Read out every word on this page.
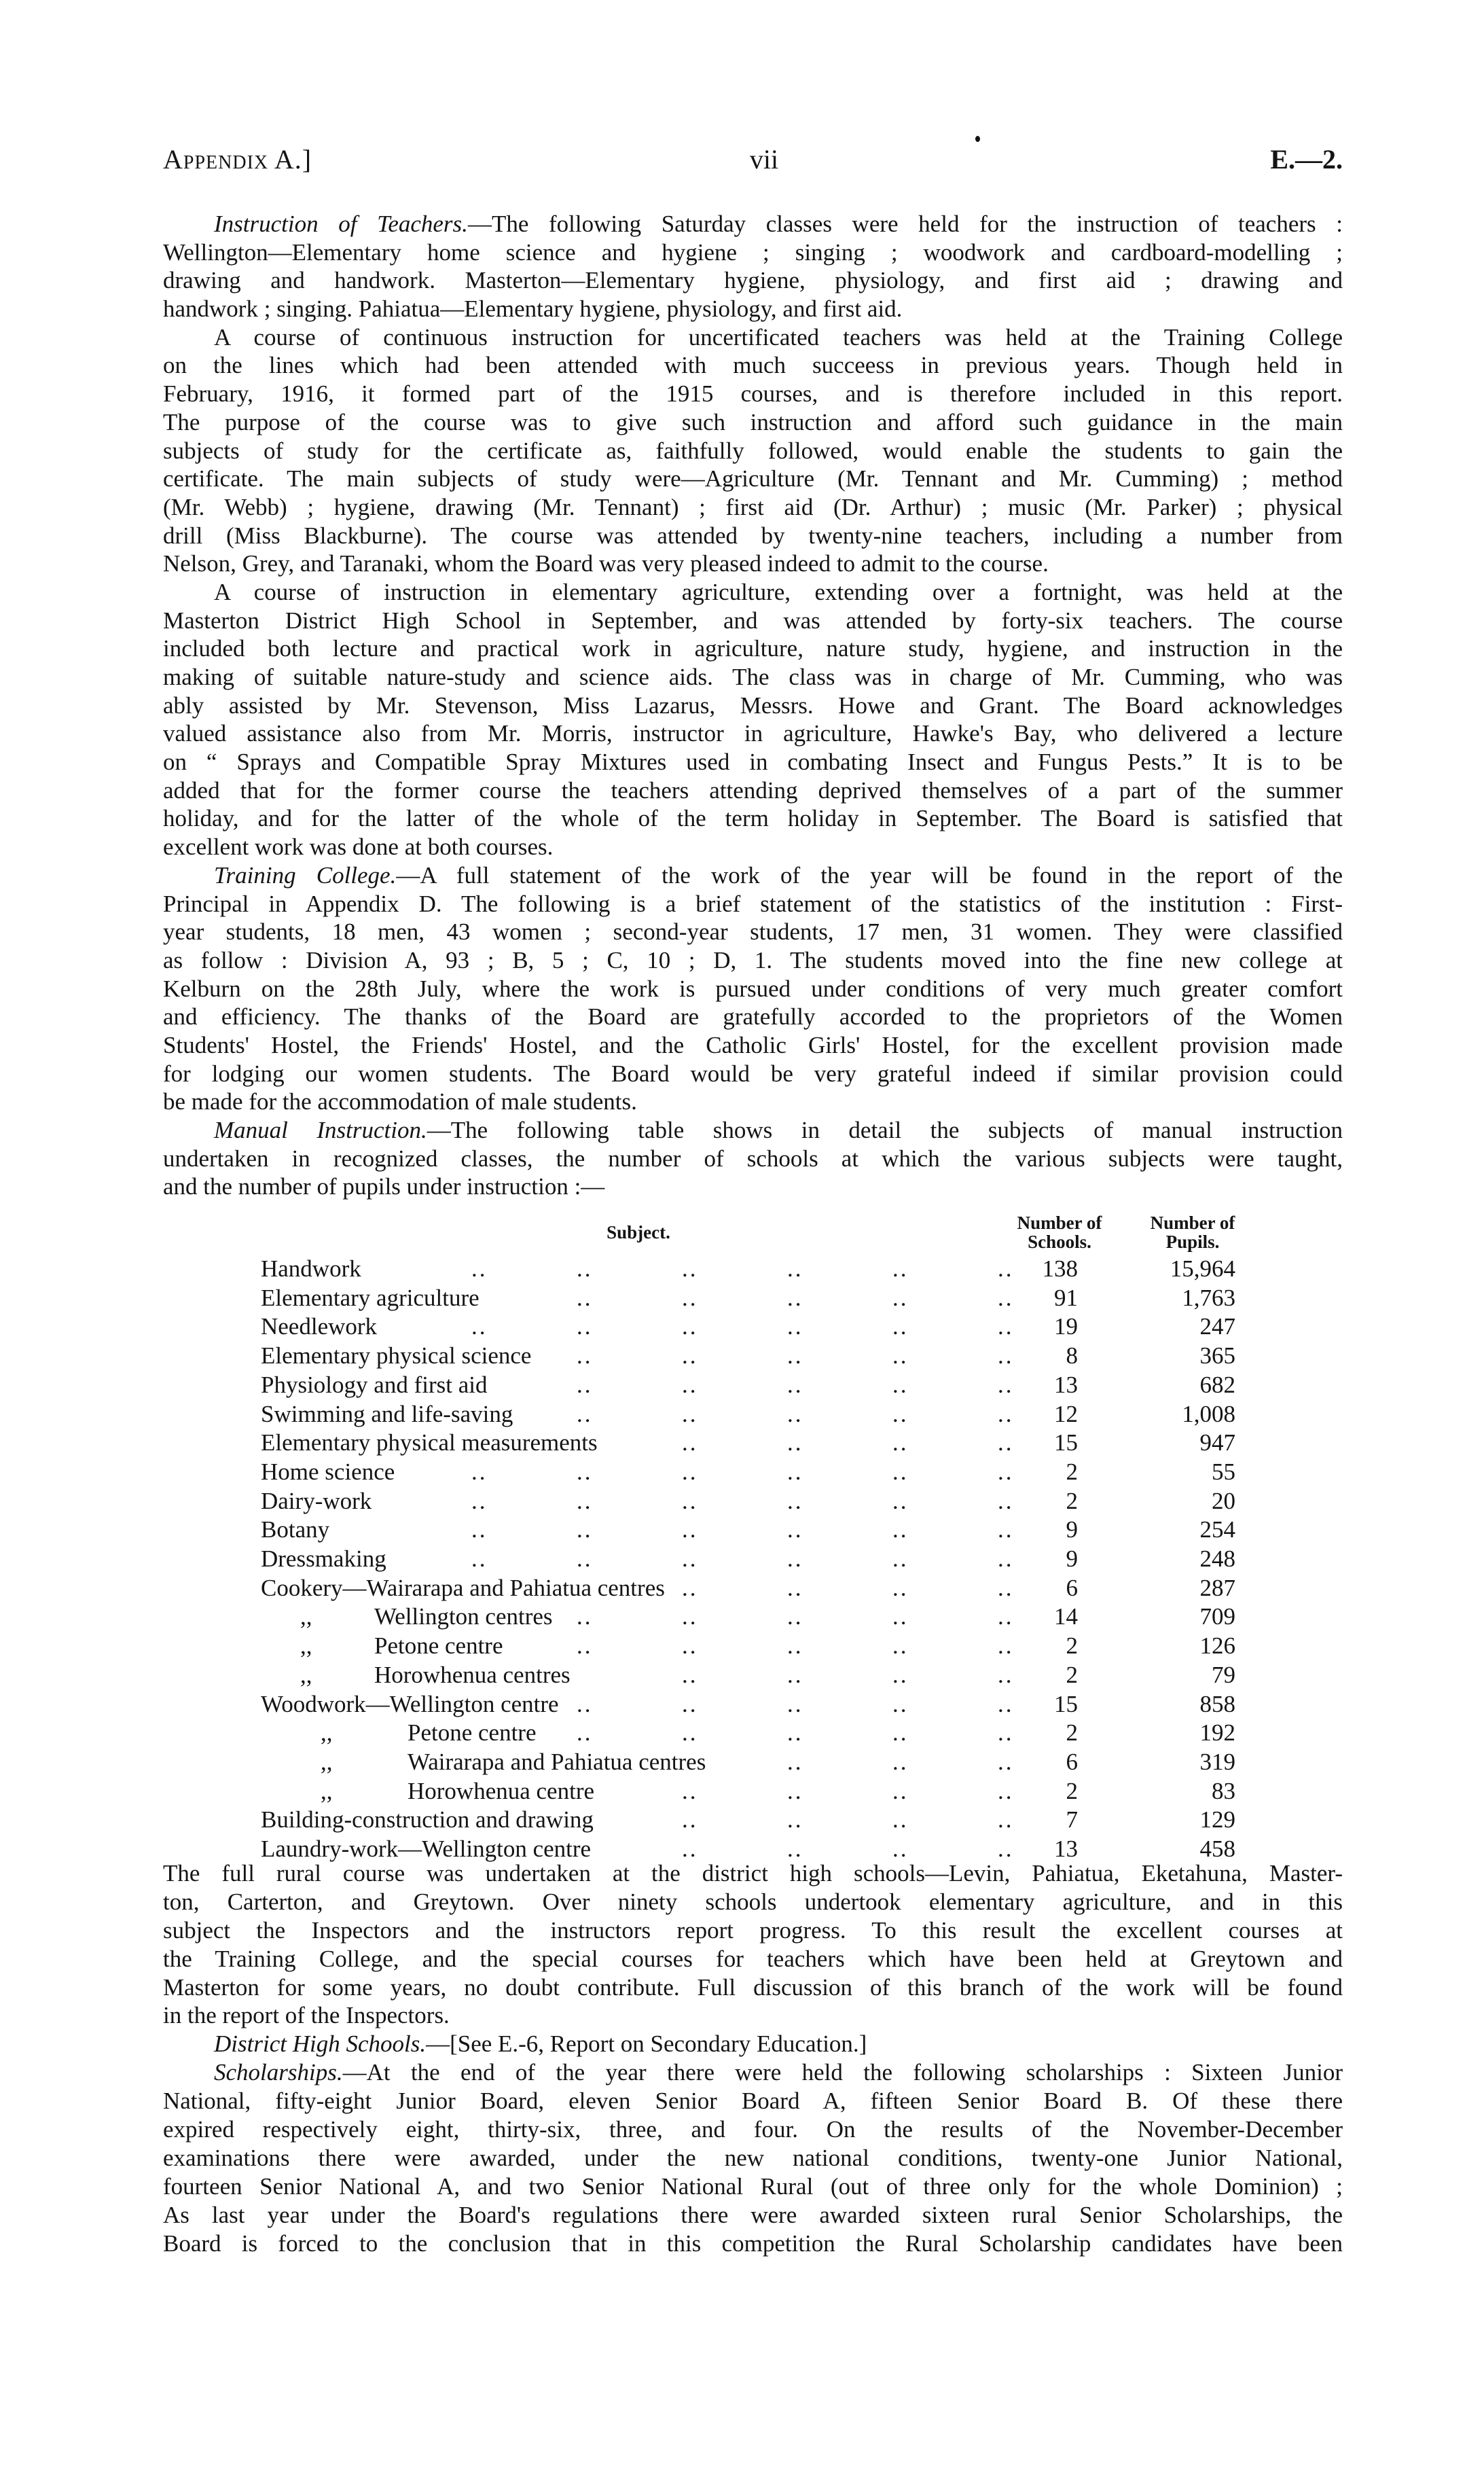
Appendix A.]	vii	E.—2.
Instruction of Teachers.—The following Saturday classes were held for the instruction of teachers :
Wellington—Elementary home science and hygiene ; singing ; woodwork and cardboard-modelling ;
drawing and handwork. Masterton—Elementary hygiene, physiology, and first aid ; drawing and
handwork ; singing. Pahiatua—Elementary hygiene, physiology, and first aid.
A course of continuous instruction for uncertificated teachers was held at the Training College
on the lines which had been attended with much succeess in previous years. Though held in
February, 1916, it formed part of the 1915 courses, and is therefore included in this report.
The purpose of the course was to give such instruction and afford such guidance in the main
subjects of study for the certificate as, faithfully followed, would enable the students to gain the
certificate. The main subjects of study were—Agriculture (Mr. Tennant and Mr. Cumming) ; method
(Mr. Webb) ; hygiene, drawing (Mr. Tennant) ; first aid (Dr. Arthur) ; music (Mr. Parker) ; physical
drill (Miss Blackburne). The course was attended by twenty-nine teachers, including a number from
Nelson, Grey, and Taranaki, whom the Board was very pleased indeed to admit to the course.
A course of instruction in elementary agriculture, extending over a fortnight, was held at the
Masterton District High School in September, and was attended by forty-six teachers. The course
included both lecture and practical work in agriculture, nature study, hygiene, and instruction in the
making of suitable nature-study and science aids. The class was in charge of Mr. Cumming, who was
ably assisted by Mr. Stevenson, Miss Lazarus, Messrs. Howe and Grant. The Board acknowledges
valued assistance also from Mr. Morris, instructor in agriculture, Hawke's Bay, who delivered a lecture
on “ Sprays and Compatible Spray Mixtures used in combating Insect and Fungus Pests.” It is to be
added that for the former course the teachers attending deprived themselves of a part of the summer
holiday, and for the latter of the whole of the term holiday in September. The Board is satisfied that
excellent work was done at both courses.
Training College.—A full statement of the work of the year will be found in the report of the
Principal in Appendix D. The following is a brief statement of the statistics of the institution : First-
year students, 18 men, 43 women ; second-year students, 17 men, 31 women. They were classified
as follow : Division A, 93 ; B, 5 ; C, 10 ; D, 1. The students moved into the fine new college at
Kelburn on the 28th July, where the work is pursued under conditions of very much greater comfort
and efficiency. The thanks of the Board are gratefully accorded to the proprietors of the Women
Students' Hostel, the Friends' Hostel, and the Catholic Girls' Hostel, for the excellent provision made
for lodging our women students. The Board would be very grateful indeed if similar provision could
be made for the accommodation of male students.
Manual Instruction.—The following table shows in detail the subjects of manual instruction
undertaken in recognized classes, the number of schools at which the various subjects were taught,
and the number of pupils under instruction :—
Subject.	Number of
Schools.
Number of
Pupils.
Handwork	138	15,964
..	..	..	..	..	..
Elementary agriculture	91	1,763
..	..	..	..	..
Needlework	19	247
..	..	..	..	..	..
Elementary physical science	8	365
..	..	..	..	..
Physiology and first aid	13	682
..	..	..	..	..
Swimming and life-saving	12	1,008
..	..	..	..	..
Elementary physical measurements	15	947
..	..	..	..
Home science	2	55
..	..	..	..	..	..
Dairy-work	2	20
..	..	..	..	..	..
Botany	9	254
..	..	..	..	..	..
Dressmaking	9	248
..	..	..	..	..	..
Cookery—Wairarapa and Pahiatua centres	6	287
..	..	..	..
,,	Wellington centres	14	709
..	..	..	..	..
,,	Petone centre	2	126
..	..	..	..	..
,,	Horowhenua centres	2	79
..	..	..	..
Woodwork—Wellington centre	15	858
..	..	..	..	..
,,	Petone centre	2	192
..	..	..	..	..
,,	Wairarapa and Pahiatua centres	6	319
..	..	..
,,	Horowhenua centre	2	83
..	..	..	..
Building-construction and drawing	7	129
..	..	..	..
Laundry-work—Wellington centre	13	458
..	..	..	..
The full rural course was undertaken at the district high schools—Levin, Pahiatua, Eketahuna, Master-
ton, Carterton, and Greytown. Over ninety schools undertook elementary agriculture, and in this
subject the Inspectors and the instructors report progress. To this result the excellent courses at
the Training College, and the special courses for teachers which have been held at Greytown and
Masterton for some years, no doubt contribute. Full discussion of this branch of the work will be found
in the report of the Inspectors.
District High Schools.—[See E.-6, Report on Secondary Education.]
Scholarships.—At the end of the year there were held the following scholarships : Sixteen Junior
National, fifty-eight Junior Board, eleven Senior Board A, fifteen Senior Board B. Of these there
expired respectively eight, thirty-six, three, and four. On the results of the November-December
examinations there were awarded, under the new national conditions, twenty-one Junior National,
fourteen Senior National A, and two Senior National Rural (out of three only for the whole Dominion) ;
As last year under the Board's regulations there were awarded sixteen rural Senior Scholarships, the
Board is forced to the conclusion that in this competition the Rural Scholarship candidates have been
